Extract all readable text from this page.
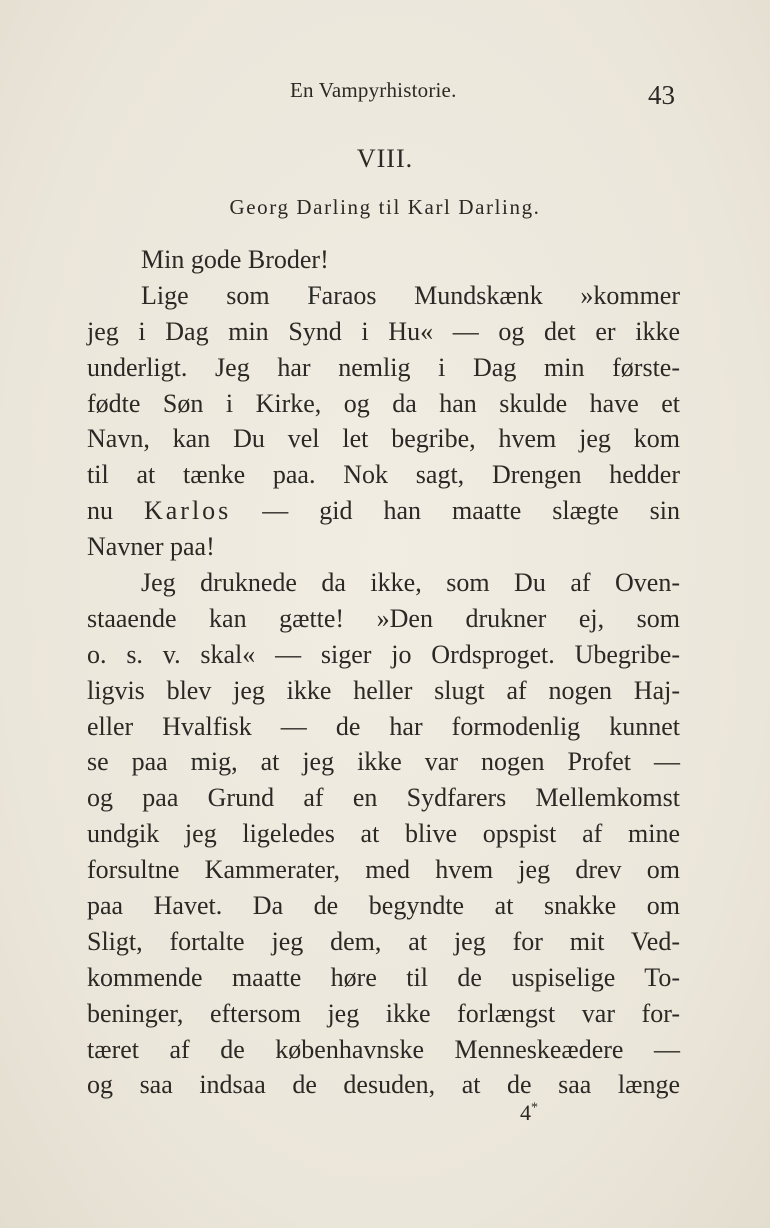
En Vampyrhistorie.	43
VIII.
Georg Darling til Karl Darling.
Min gode Broder!
Lige som Faraos Mundskænk »kommer
jeg i Dag min Synd i Hu« — og det er ikke
underligt. Jeg har nemlig i Dag min første-
fødte Søn i Kirke, og da han skulde have et
Navn, kan Du vel let begribe, hvem jeg kom
til at tænke paa. Nok sagt, Drengen hedder
nu Karlos — gid han maatte slægte sin
Navner paa!
Jeg druknede da ikke, som Du af Oven-
staaende kan gætte! »Den drukner ej, som
o. s. v. skal« — siger jo Ordsproget. Ubegribe-
ligvis blev jeg ikke heller slugt af nogen Haj-
eller Hvalfisk — de har formodenlig kunnet
se paa mig, at jeg ikke var nogen Profet —
og paa Grund af en Sydfarers Mellemkomst
undgik jeg ligeledes at blive opspist af mine
forsultne Kammerater, med hvem jeg drev om
paa Havet. Da de begyndte at snakke om
Sligt, fortalte jeg dem, at jeg for mit Ved-
kommende maatte høre til de uspiselige To-
beninger, eftersom jeg ikke forlængst var for-
tæret af de københavnske Menneskeædere —
og saa indsaa de desuden, at de saa længe
4*
